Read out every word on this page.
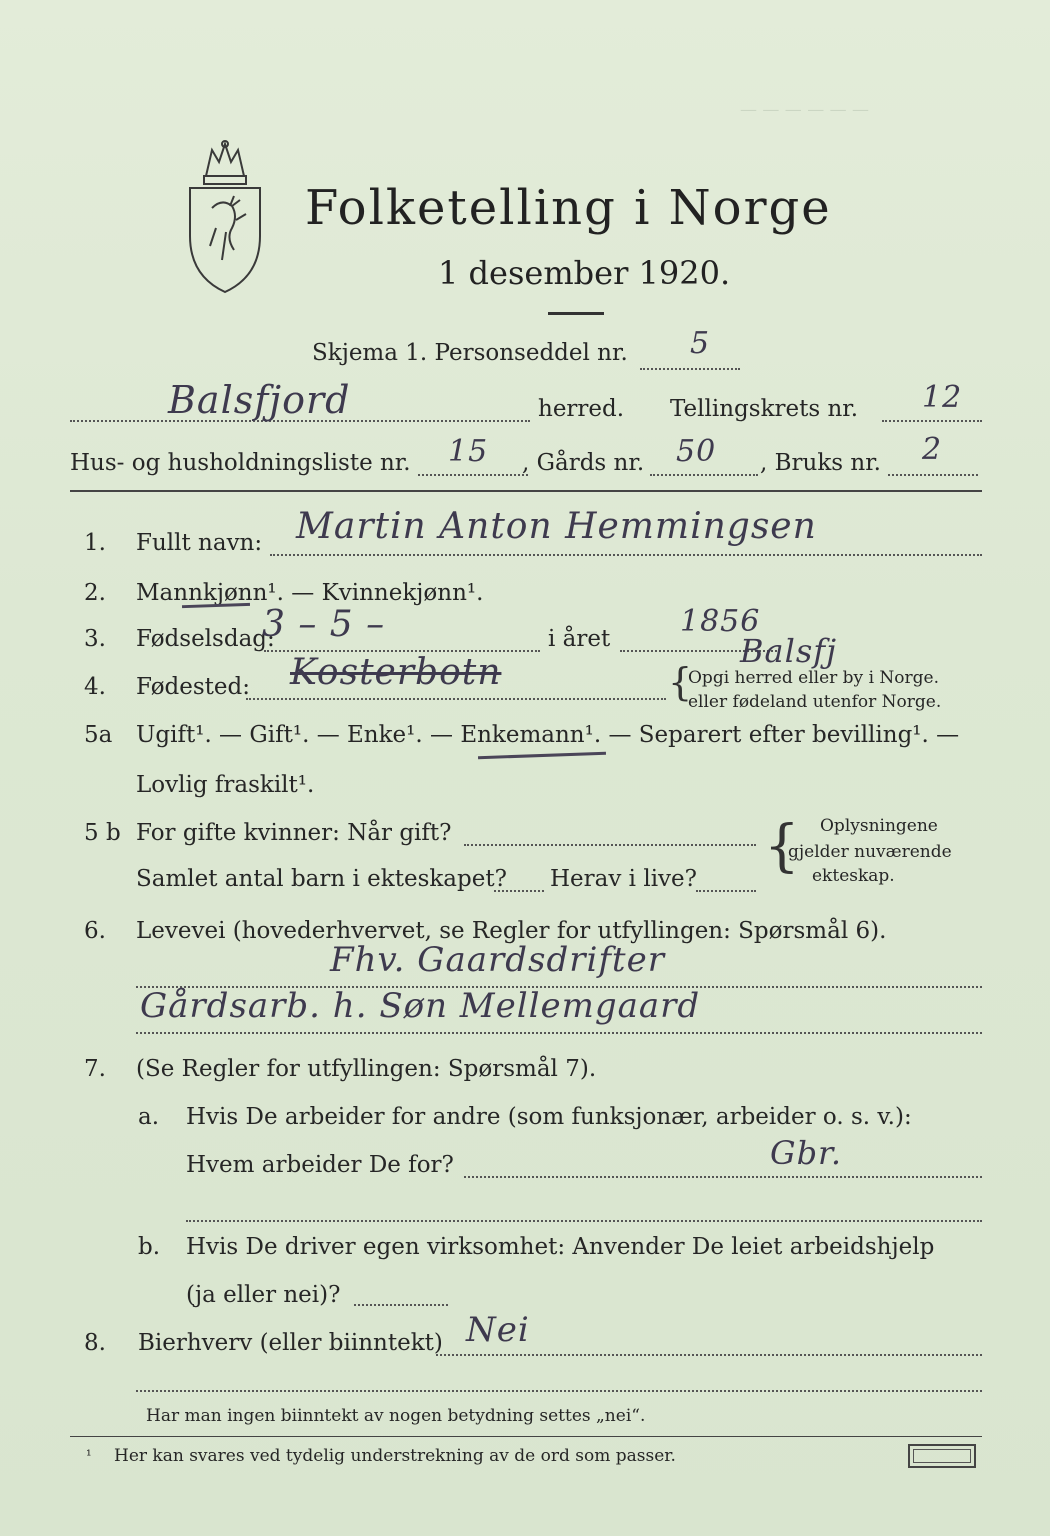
— — — — — —
Folketelling i Norge
1 desember 1920.
Skjema 1. Personseddel nr. 5
Balsfjord	herred. Tellingskrets nr. 12
Hus- og husholdningsliste nr. 15 , Gårds nr. 50 , Bruks nr. 2
1. Fullt navn: Martin Anton Hemmingsen
2. Mannkjønn¹. — Kvinnekjønn¹.
3. Fødselsdag:
3 – 5 –	i året 1856
4. Fødested: Kosterbotn
Balsfj
{
Opgi herred eller by i Norge.
eller fødeland utenfor Norge.
5a Ugift¹. — Gift¹. — Enke¹. — Enkemann¹. — Separert efter bevilling¹. —
Lovlig fraskilt¹.
5 b For gifte kvinner: Når gift?
Samlet antal barn i ekteskapet? Herav i live? { Oplysningene
gjelder nuværende
ekteskap.
6. Levevei (hovederhvervet, se Regler for utfyllingen: Spørsmål 6).
Fhv. Gaardsdrifter
Gårdsarb. h. Søn Mellemgaard
7. (Se Regler for utfyllingen: Spørsmål 7).
a. Hvis De arbeider for andre (som funksjonær, arbeider o. s. v.):
Hvem arbeider De for?	Gbr.
b. Hvis De driver egen virksomhet: Anvender De leiet arbeidshjelp
(ja eller nei)?
8. Bierhverv (eller biinntekt) Nei
Har man ingen biinntekt av nogen betydning settes „nei“.
¹ Her kan svares ved tydelig understrekning av de ord som passer.
